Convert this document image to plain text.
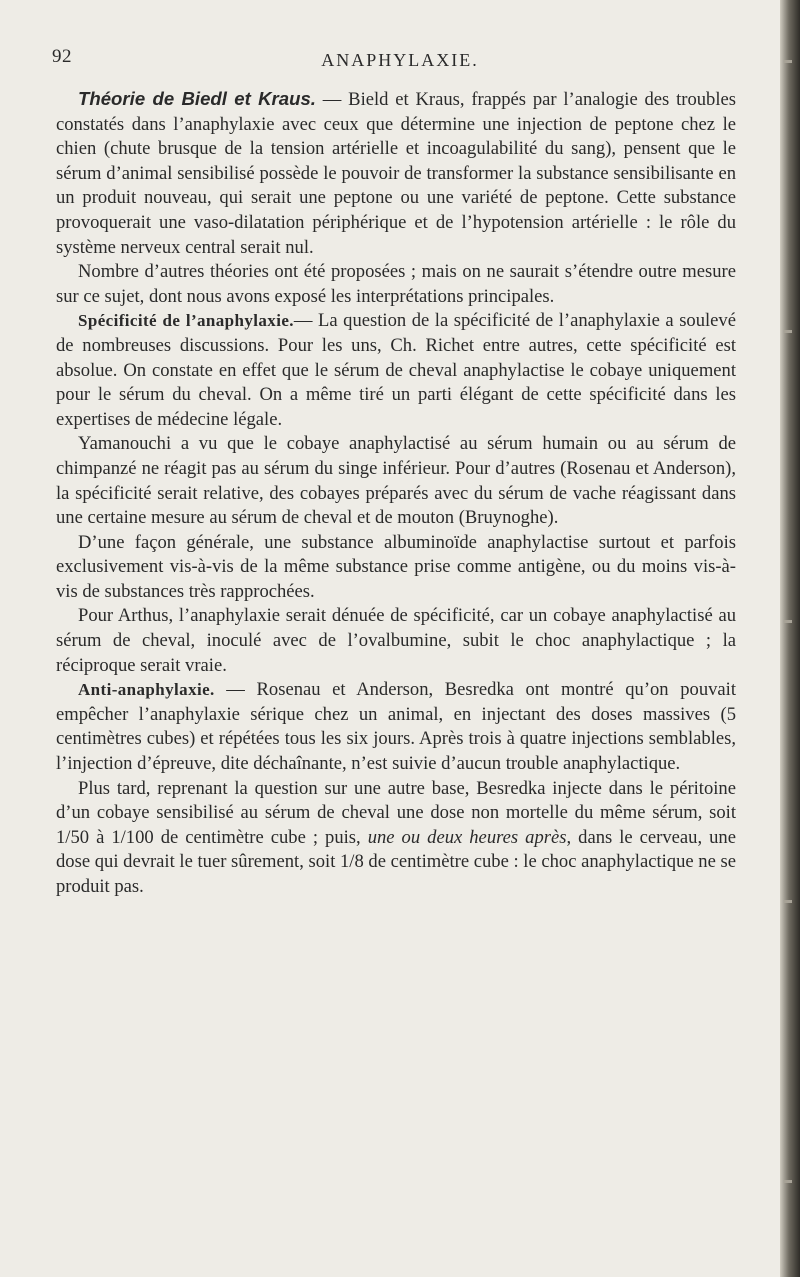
92	ANAPHYLAXIE.

Théorie de Biedl et Kraus. — Bield et Kraus, frappés par l’analogie des troubles constatés dans l’anaphylaxie avec ceux que détermine une injection de peptone chez le chien (chute brusque de la tension artérielle et incoagulabilité du sang), pensent que le sérum d’animal sensibilisé possède le pouvoir de transformer la substance sensibilisante en un produit nouveau, qui serait une peptone ou une variété de peptone. Cette substance provoquerait une vaso-dilatation périphérique et de l’hypotension artérielle : le rôle du système nerveux central serait nul.

Nombre d’autres théories ont été proposées ; mais on ne saurait s’étendre outre mesure sur ce sujet, dont nous avons exposé les interprétations principales.

Spécificité de l’anaphylaxie.— La question de la spécificité de l’anaphylaxie a soulevé de nombreuses discussions. Pour les uns, Ch. Richet entre autres, cette spécificité est absolue. On constate en effet que le sérum de cheval anaphylactise le cobaye uniquement pour le sérum du cheval. On a même tiré un parti élégant de cette spécificité dans les expertises de médecine légale.

Yamanouchi a vu que le cobaye anaphylactisé au sérum humain ou au sérum de chimpanzé ne réagit pas au sérum du singe inférieur. Pour d’autres (Rosenau et Anderson), la spécificité serait relative, des cobayes préparés avec du sérum de vache réagissant dans une certaine mesure au sérum de cheval et de mouton (Bruynoghe).

D’une façon générale, une substance albuminoïde anaphylactise surtout et parfois exclusivement vis-à-vis de la même substance prise comme antigène, ou du moins vis-à-vis de substances très rapprochées.

Pour Arthus, l’anaphylaxie serait dénuée de spécificité, car un cobaye anaphylactisé au sérum de cheval, inoculé avec de l’ovalbumine, subit le choc anaphylactique ; la réciproque serait vraie.

Anti-anaphylaxie. — Rosenau et Anderson, Besredka ont montré qu’on pouvait empêcher l’anaphylaxie sérique chez un animal, en injectant des doses massives (5 centimètres cubes) et répétées tous les six jours. Après trois à quatre injections semblables, l’injection d’épreuve, dite déchaînante, n’est suivie d’aucun trouble anaphylactique.

Plus tard, reprenant la question sur une autre base, Besredka injecte dans le péritoine d’un cobaye sensibilisé au sérum de cheval une dose non mortelle du même sérum, soit 1/50 à 1/100 de centimètre cube ; puis, une ou deux heures après, dans le cerveau, une dose qui devrait le tuer sûrement, soit 1/8 de centimètre cube : le choc anaphylactique ne se produit pas.
